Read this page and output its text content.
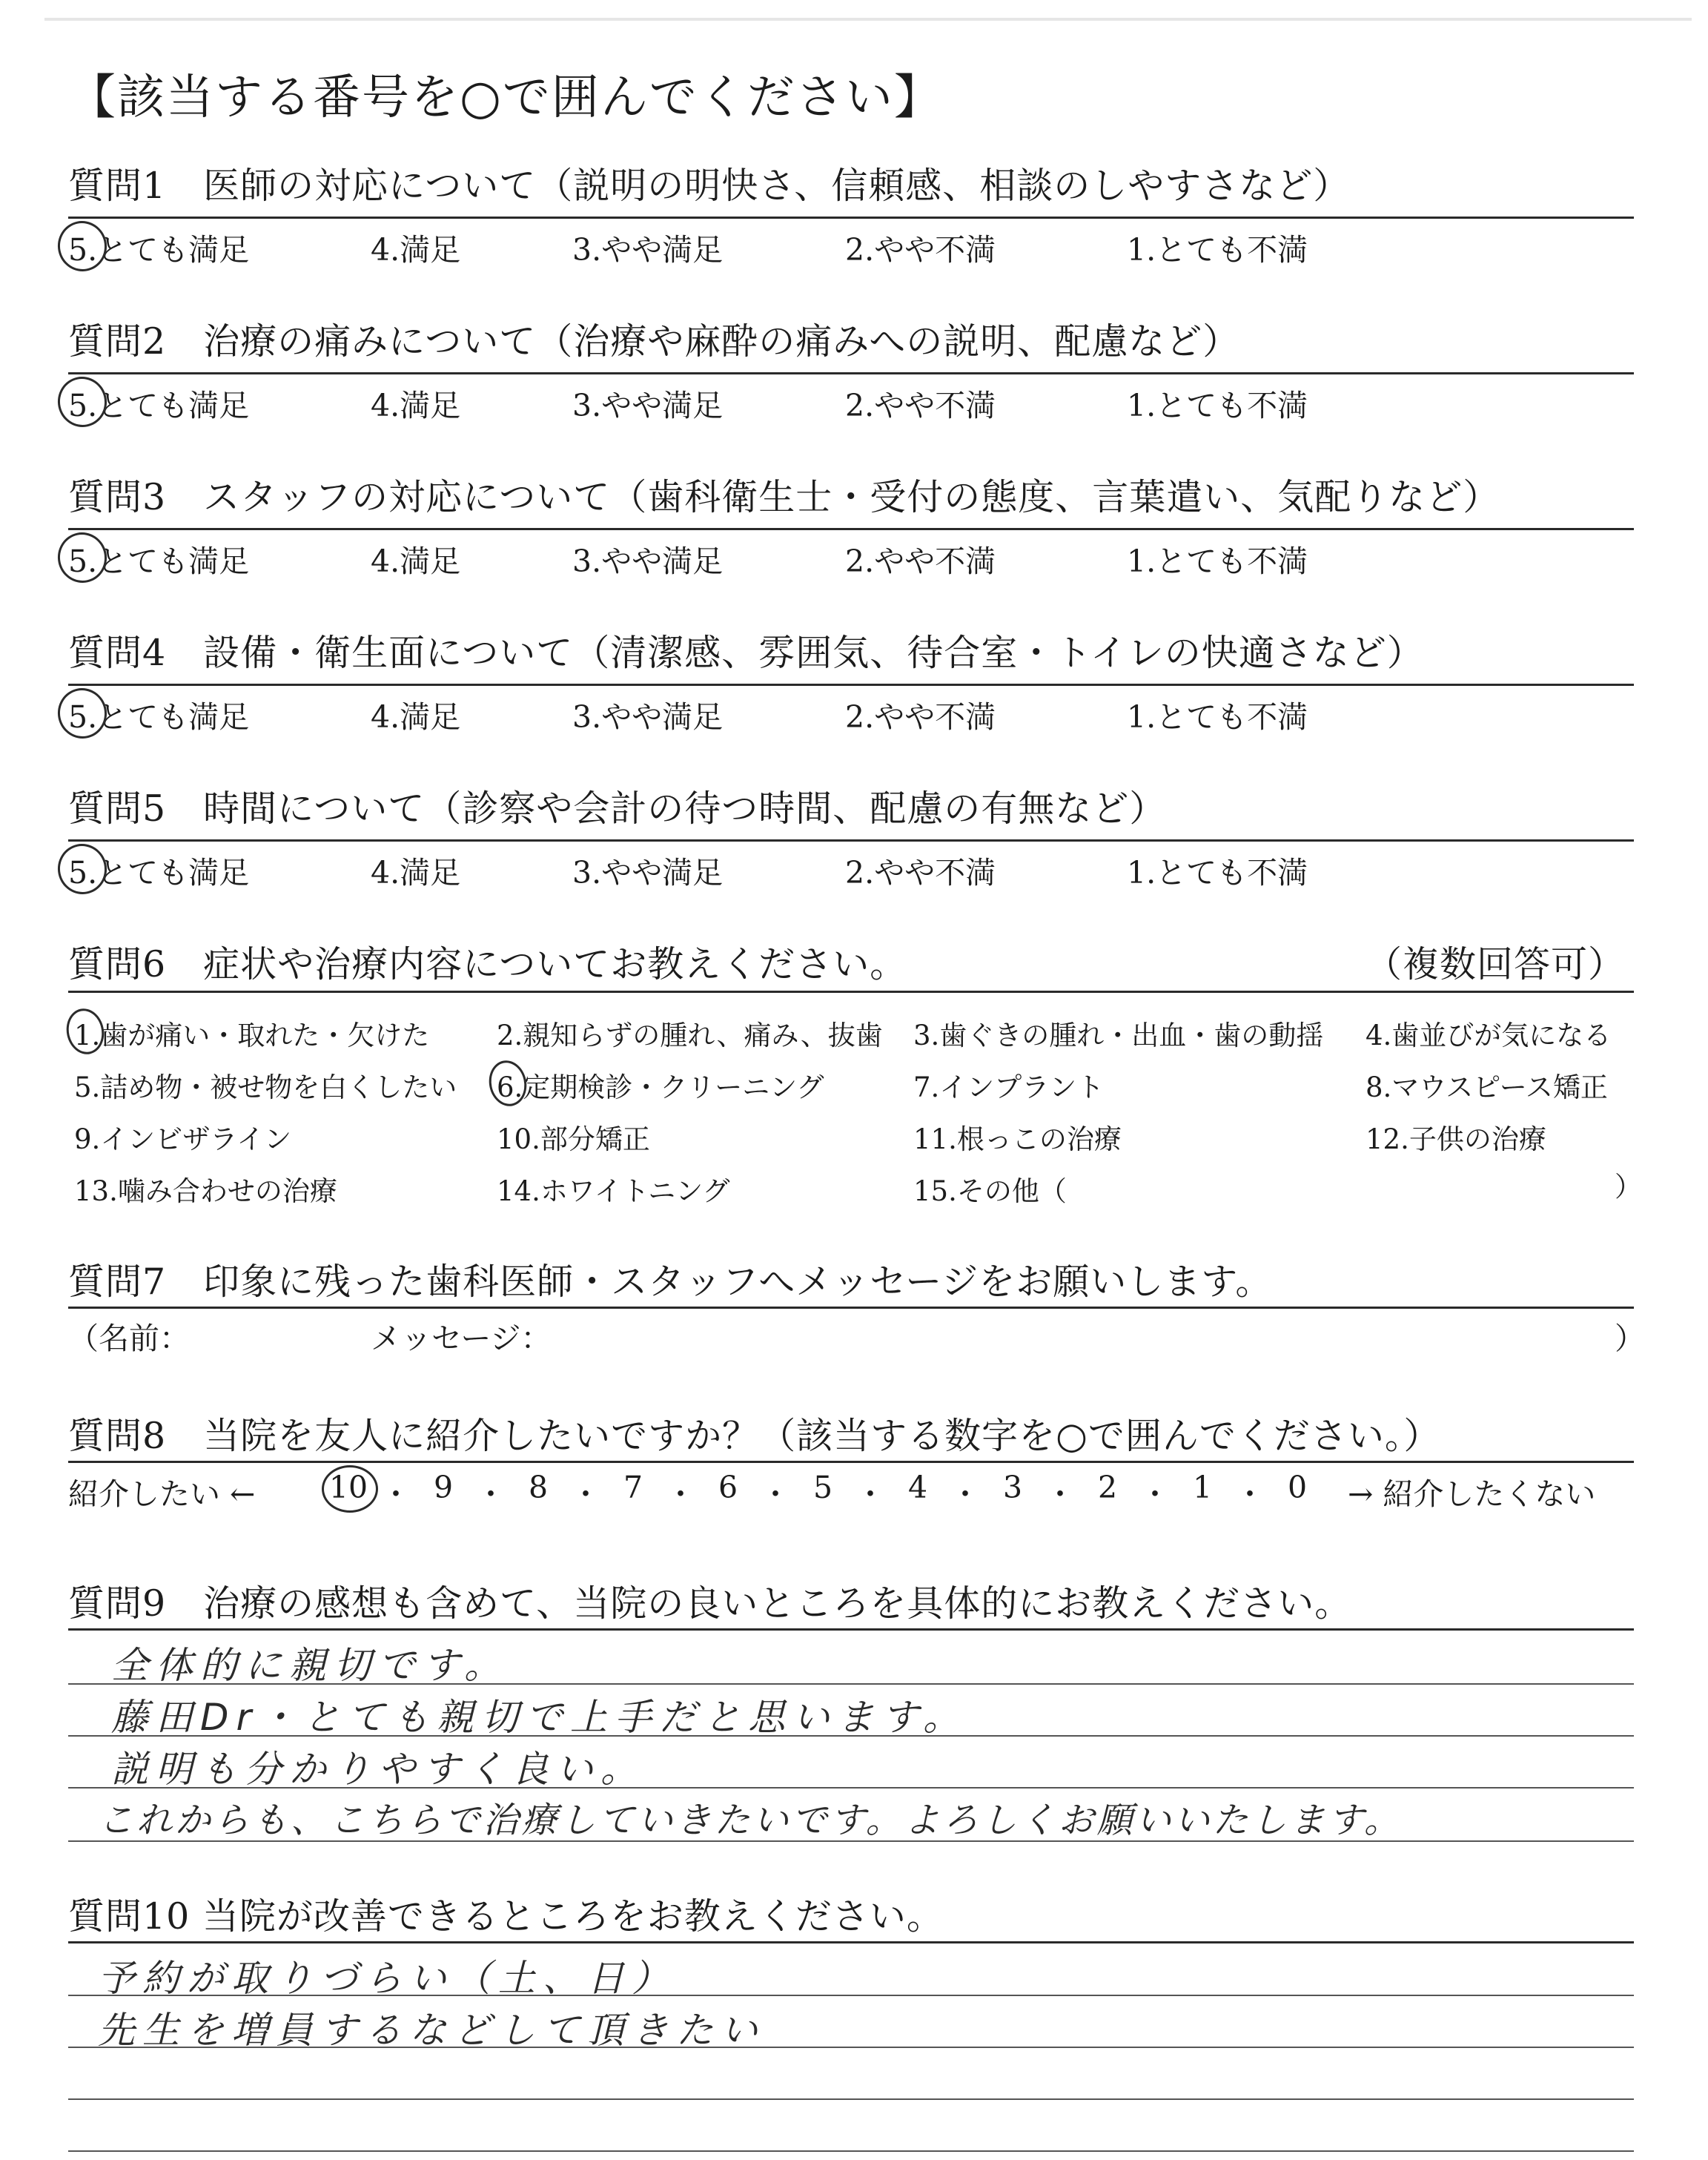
【該当する番号を○で囲んでください】
質問1　医師の対応について（説明の明快さ、信頼感、相談のしやすさなど）
5.とても満足	4.満足	3.やや満足	2.やや不満	1.とても不満
質問2　治療の痛みについて（治療や麻酔の痛みへの説明、配慮など）
5.とても満足	4.満足	3.やや満足	2.やや不満	1.とても不満
質問3　スタッフの対応について（歯科衛生士・受付の態度、言葉遣い、気配りなど）
5.とても満足	4.満足	3.やや満足	2.やや不満	1.とても不満
質問4　設備・衛生面について（清潔感、雰囲気、待合室・トイレの快適さなど）
5.とても満足	4.満足	3.やや満足	2.やや不満	1.とても不満
質問5　時間について（診察や会計の待つ時間、配慮の有無など）
5.とても満足	4.満足	3.やや満足	2.やや不満	1.とても不満
質問6　症状や治療内容についてお教えください。	（複数回答可）
1.歯が痛い・取れた・欠けた 2.親知らずの腫れ、痛み、抜歯 3.歯ぐきの腫れ・出血・歯の動揺 4.歯並びが気になる
5.詰め物・被せ物を白くしたい 6.定期検診・クリーニング	7.インプラント	8.マウスピース矯正
9.インビザライン	10.部分矯正	11.根っこの治療	12.子供の治療
13.噛み合わせの治療	14.ホワイトニング	15.その他（	）
質問7　印象に残った歯科医師・スタッフへメッセージをお願いします。
（名前：	メッセージ：	）
質問8　当院を友人に紹介したいですか？（該当する数字を○で囲んでください。）
紹介したい ← 10 ・ 9 ・ 8 ・ 7 ・ 6 ・ 5 ・ 4 ・ 3 ・ 2 ・ 1 ・ 0	→ 紹介したくない
質問9　治療の感想も含めて、当院の良いところを具体的にお教えください。
全体的に親切です。
藤田Dr・とても親切で上手だと思います。
説明も分かりやすく良い。
これからも、こちらで治療していきたいです。よろしくお願いいたします。
質問10 当院が改善できるところをお教えください。
予約が取りづらい（土、日）
先生を増員するなどして頂きたい
